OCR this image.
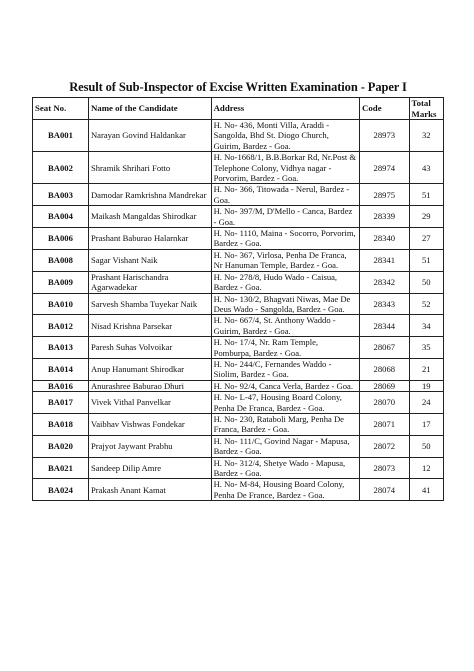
Result of Sub-Inspector of Excise Written Examination - Paper I
Seat No.	Name of the Candidate	Address	Code	Total Marks
BA001	Narayan Govind Haldankar	H. No- 436, Monti Villa, Araddi - Sangolda, Bhd St. Diogo Church, Guirim, Bardez - Goa.	28973	32
BA002	Shramik Shrihari Fotto	H. No-1668/1, B.B.Borkar Rd, Nr.Post & Telephone Colony, Vidhya nagar - Porvorim, Bardez - Goa.	28974	43
BA003	Damodar Ramkrishna Mandrekar	H. No- 366, Titowada - Nerul, Bardez - Goa.	28975	51
BA004	Maikash Mangaldas Shirodkar	H. No- 397/M, D'Mello - Canca, Bardez - Goa.	28339	29
BA006	Prashant Baburao Halarnkar	H. No- 1110, Maina - Socorro, Porvorim, Bardez - Goa.	28340	27
BA008	Sagar Vishant Naik	H. No- 367, Virlosa, Penha De Franca, Nr Hanuman Temple, Bardez - Goa.	28341	51
BA009	Prashant Harischandra Agarwadekar	H. No- 278/8, Hudo Wado - Caisua, Bardez - Goa.	28342	50
BA010	Sarvesh Shamba Tuyekar Naik	H. No- 130/2, Bhagvati Niwas, Mae De Deus Wado - Sangolda, Bardez - Goa.	28343	52
BA012	Nisad Krishna Parsekar	H. No- 667/4, St. Anthony Waddo - Guirim, Bardez - Goa.	28344	34
BA013	Paresh Suhas Volvoikar	H. No- 17/4, Nr. Ram Temple, Pomburpa, Bardez - Goa.	28067	35
BA014	Anup Hanumant Shirodkar	H. No- 244/C, Fernandes Waddo - Siolim, Bardez - Goa.	28068	21
BA016	Anurashree Baburao Dhuri	H. No- 92/4, Canca Verla, Bardez - Goa.	28069	19
BA017	Vivek Vithal Panvelkar	H. No- L-47, Housing Board Colony, Penha De Franca, Bardez - Goa.	28070	24
BA018	Vaibhav Vishwas Fondekar	H. No- 230, Rataboli Marg, Penha De Franca, Bardez - Goa.	28071	17
BA020	Prajyot Jaywant Prabhu	H. No- 111/C, Govind Nagar - Mapusa, Bardez - Goa.	28072	50
BA021	Sandeep Dilip Amre	H. No- 312/4, Shetye Wado - Mapusa, Bardez - Goa.	28073	12
BA024	Prakash Anant Kamat	H. No- M-84, Housing Board Colony, Penha De France, Bardez - Goa.	28074	41
